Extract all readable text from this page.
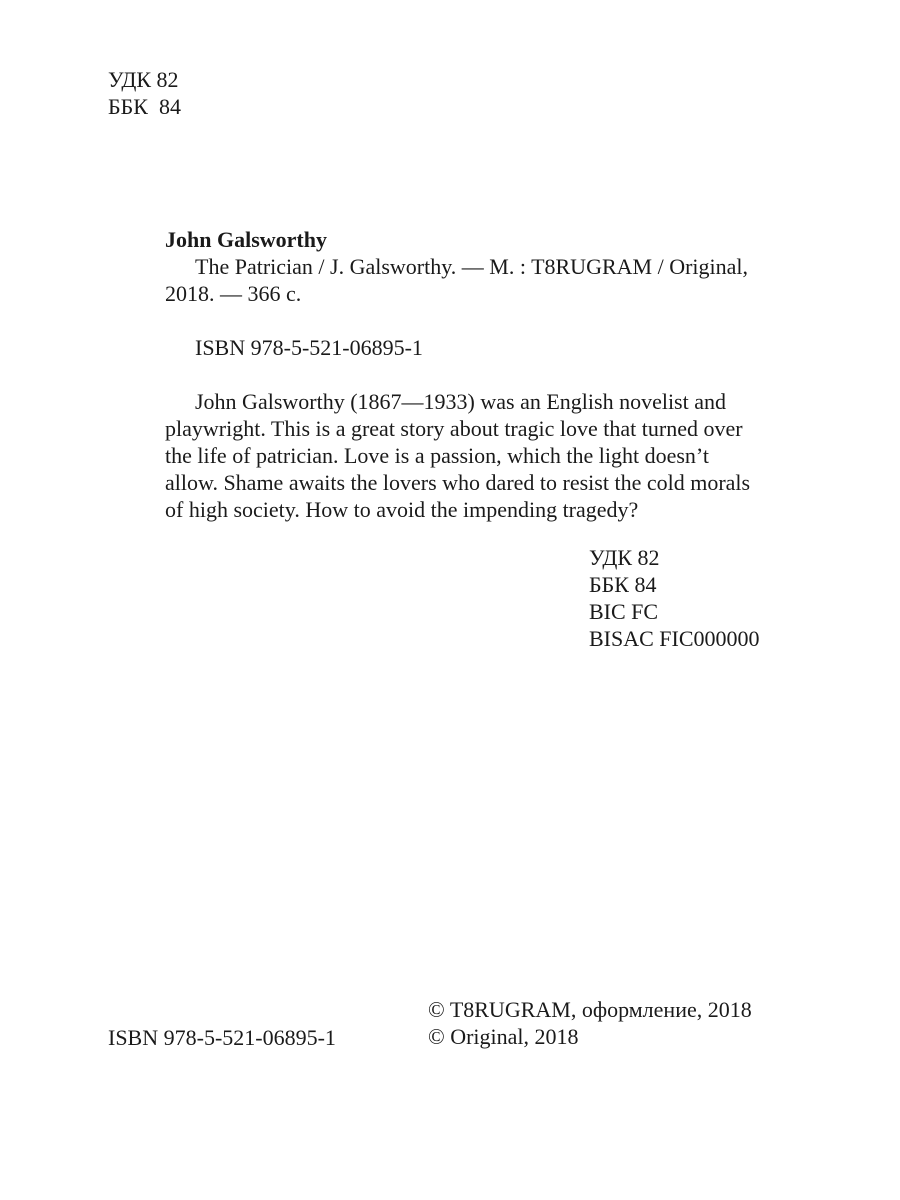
УДК 82
ББК  84
John Galsworthy
The Patrician / J. Galsworthy. — M. : T8RUGRAM / Original,
2018. — 366 c.
ISBN 978-5-521-06895-1
John Galsworthy (1867—1933) was an English novelist and
playwright. This is a great story about tragic love that turned over
the life of patrician. Love is a passion, which the light doesn’t
allow. Shame awaits the lovers who dared to resist the cold morals
of high society. How to avoid the impending tragedy?
УДК 82
ББК 84
BIC FC
BISAC FIC000000
© T8RUGRAM, оформление, 2018
© Original, 2018
ISBN 978-5-521-06895-1
